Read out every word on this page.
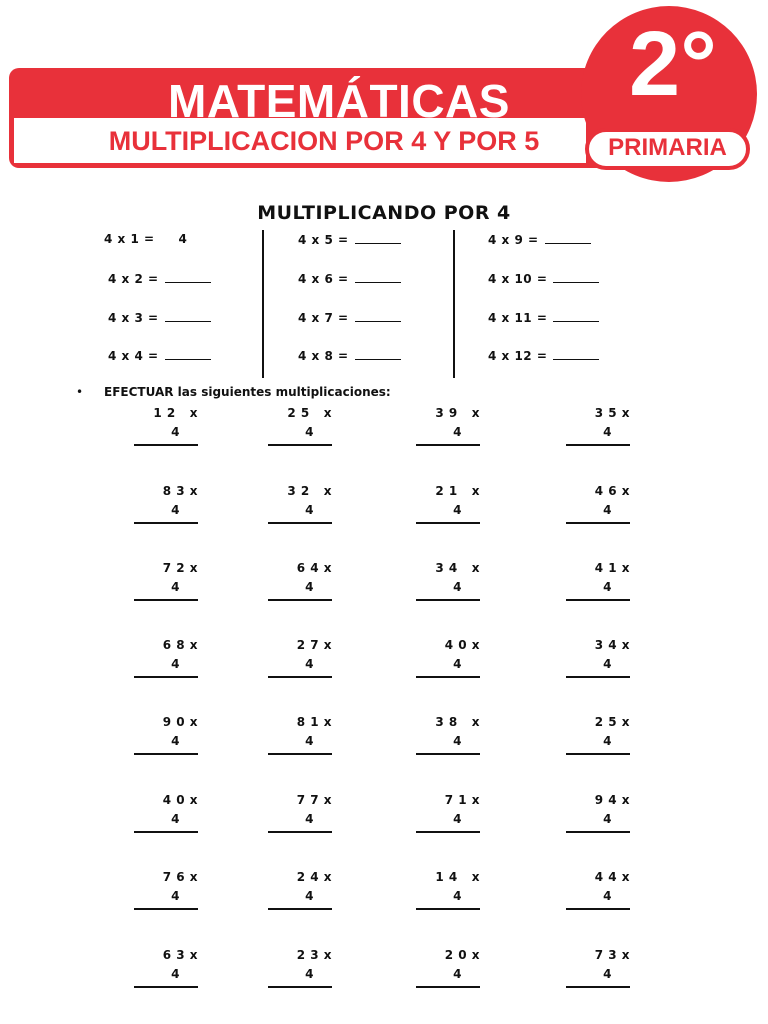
MATEMÁTICAS
MULTIPLICACION POR 4 Y POR 5
2°
PRIMARIA
MULTIPLICANDO POR 4
4 x 1 = 4
4 x 2 =
4 x 3 =
4 x 4 =
4 x 5 =
4 x 6 =
4 x 7 =
4 x 8 =
4 x 9 =
4 x 10 =
4 x 11 =
4 x 12 =
• EFECTUAR las siguientes multiplicaciones:
1 2   x
4
2 5   x
4
3 9   x
4
3 5 x
4
8 3 x
4
3 2   x
4
2 1   x
4
4 6 x
4
7 2 x
4
6 4 x
4
3 4   x
4
4 1 x
4
6 8 x
4
2 7 x
4
4 0 x
4
3 4 x
4
9 0 x
4
8 1 x
4
3 8   x
4
2 5 x
4
4 0 x
4
7 7 x
4
7 1 x
4
9 4 x
4
7 6 x
4
2 4 x
4
1 4   x
4
4 4 x
4
6 3 x
4
2 3 x
4
2 0 x
4
7 3 x
4
